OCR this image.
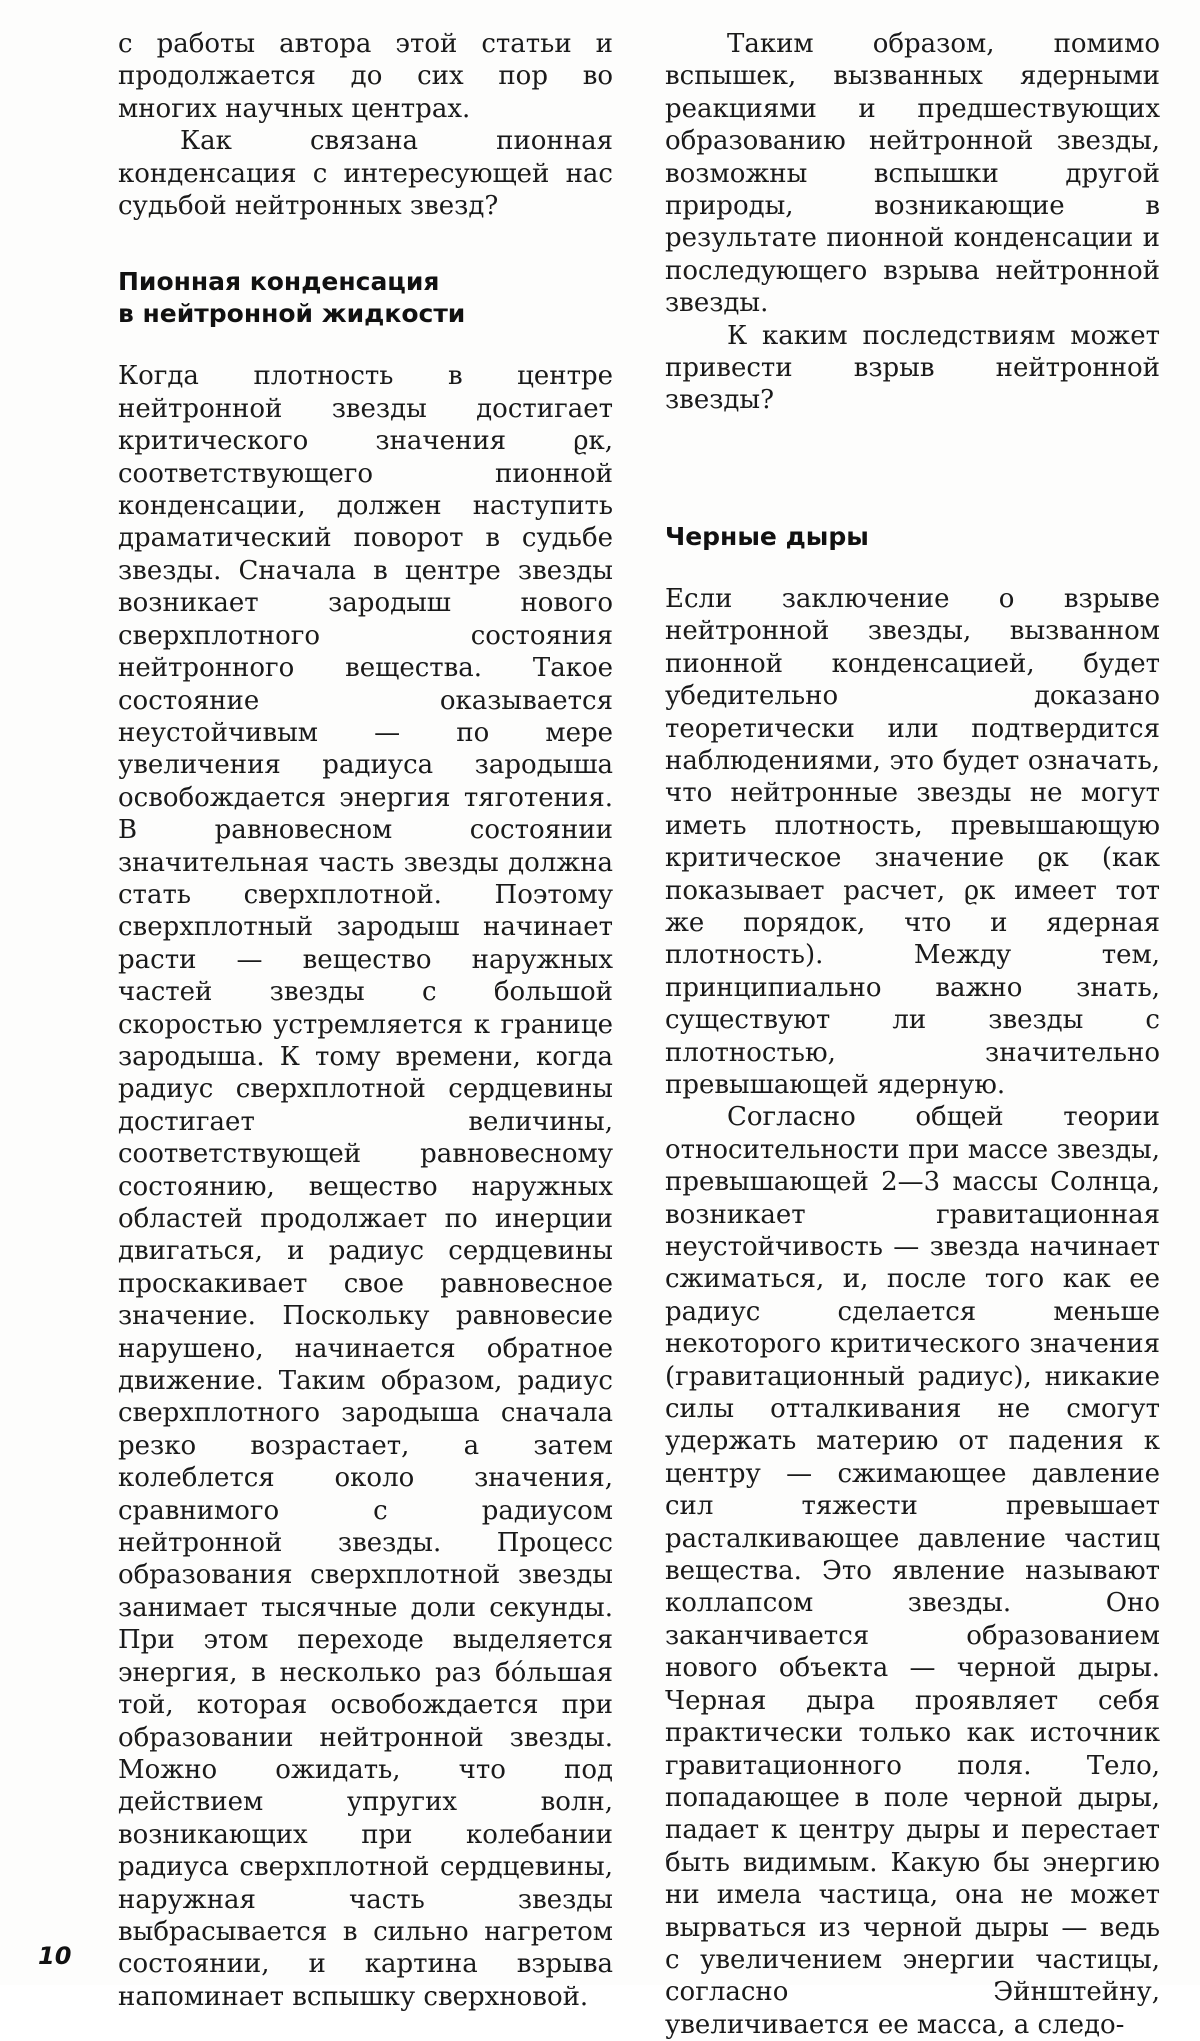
с работы автора этой статьи и продолжается до сих пор во многих научных центрах.

Как связана пионная конденсация с интересующей нас судьбой нейтронных звезд?

Пионная конденсация
в нейтронной жидкости

Когда плотность в центре нейтронной звезды достигает критического значения ϱк, соответствующего пионной конденсации, должен наступить драматический поворот в судьбе звезды. Сначала в центре звезды возникает зародыш нового сверхплотного состояния нейтронного вещества. Такое состояние оказывается неустойчивым — по мере увеличения радиуса зародыша освобождается энергия тяготения. В равновесном состоянии значительная часть звезды должна стать сверхплотной. Поэтому сверхплотный зародыш начинает расти — вещество наружных частей звезды с большой скоростью устремляется к границе зародыша. К тому времени, когда радиус сверхплотной сердцевины достигает величины, соответствующей равновесному состоянию, вещество наружных областей продолжает по инерции двигаться, и радиус сердцевины проскакивает свое равновесное значение. Поскольку равновесие нарушено, начинается обратное движение. Таким образом, радиус сверхплотного зародыша сначала резко возрастает, а затем колеблется около значения, сравнимого с радиусом нейтронной звезды. Процесс образования сверхплотной звезды занимает тысячные доли секунды. При этом переходе выделяется энергия, в несколько раз бо́льшая той, которая освобождается при образовании нейтронной звезды. Можно ожидать, что под действием упругих волн, возникающих при колебании радиуса сверхплотной сердцевины, наружная часть звезды выбрасывается в сильно нагретом состоянии, и картина взрыва напоминает вспышку сверхновой.

Таким образом, помимо вспышек, вызванных ядерными реакциями и предшествующих образованию нейтронной звезды, возможны вспышки другой природы, возникающие в результате пионной конденсации и последующего взрыва нейтронной звезды.

К каким последствиям может привести взрыв нейтронной звезды?

Черные дыры

Если заключение о взрыве нейтронной звезды, вызванном пионной конденсацией, будет убедительно доказано теоретически или подтвердится наблюдениями, это будет означать, что нейтронные звезды не могут иметь плотность, превышающую критическое значение ϱк (как показывает расчет, ϱк имеет тот же порядок, что и ядерная плотность). Между тем, принципиально важно знать, существуют ли звезды с плотностью, значительно превышающей ядерную.

Согласно общей теории относительности при массе звезды, превышающей 2—3 массы Солнца, возникает гравитационная неустойчивость — звезда начинает сжиматься, и, после того как ее радиус сделается меньше некоторого критического значения (гравитационный радиус), никакие силы отталкивания не смогут удержать материю от падения к центру — сжимающее давление сил тяжести превышает расталкивающее давление частиц вещества. Это явление называют коллапсом звезды. Оно заканчивается образованием нового объекта — черной дыры. Черная дыра проявляет себя практически только как источник гравитационного поля. Тело, попадающее в поле черной дыры, падает к центру дыры и перестает быть видимым. Какую бы энергию ни имела частица, она не может вырваться из черной дыры — ведь с увеличением энергии частицы, согласно Эйнштейну, увеличивается ее масса, а следо-

10
